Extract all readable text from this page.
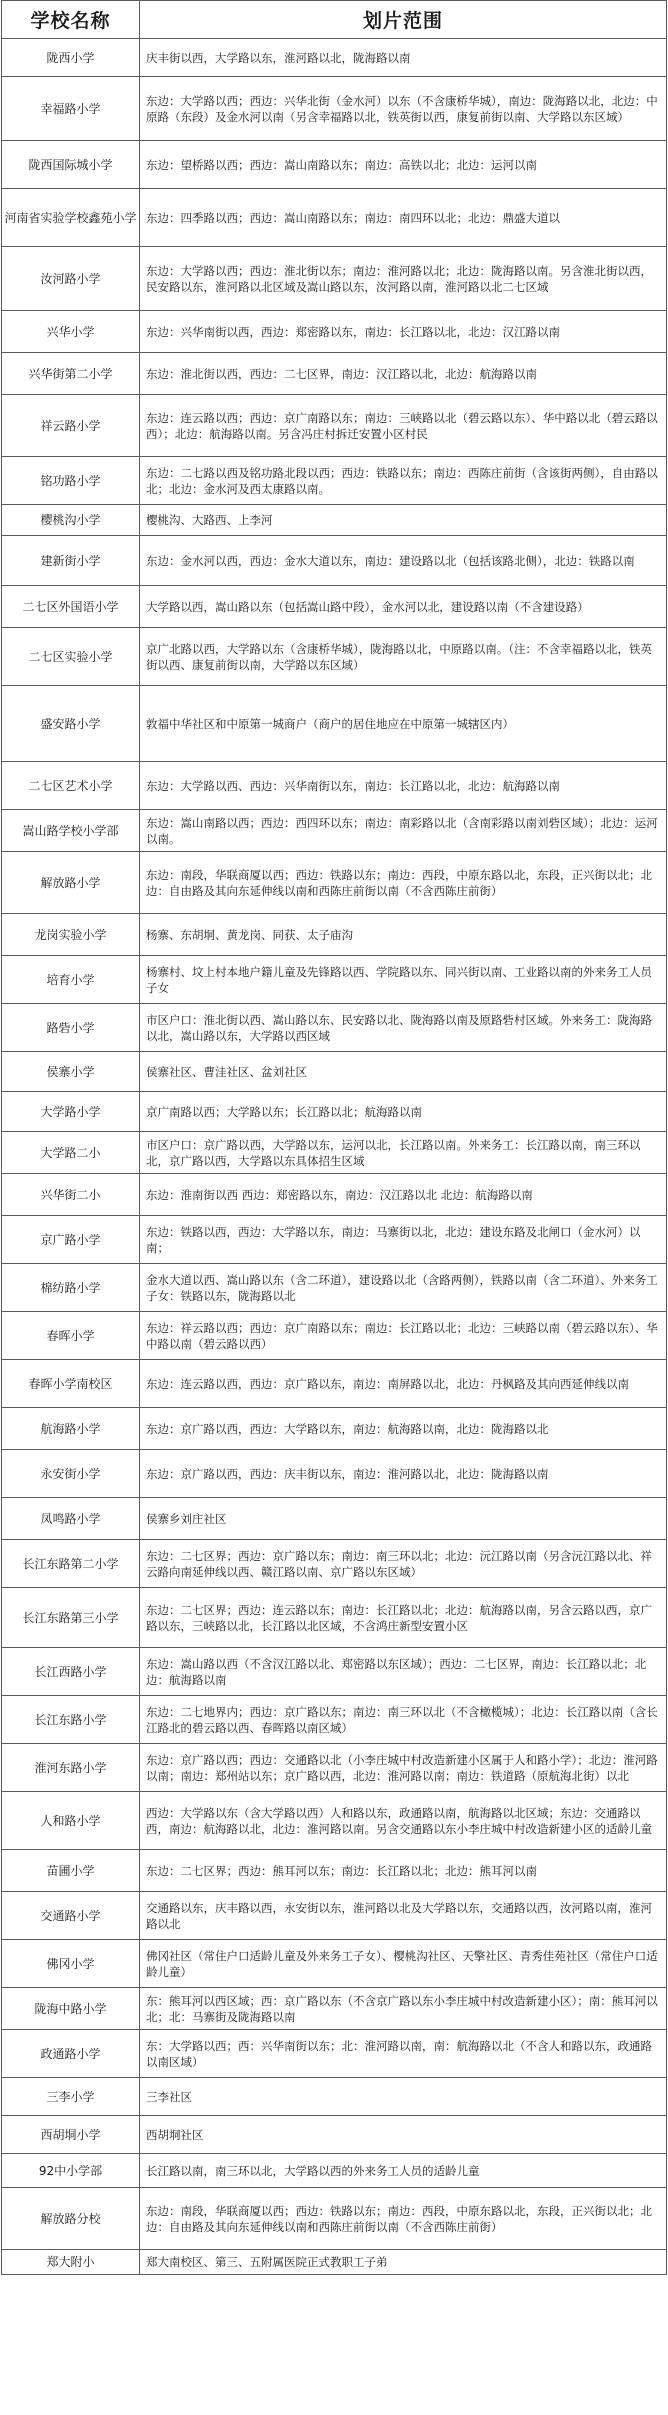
学校名称	划片范围
陇西小学	庆丰街以西，大学路以东，淮河路以北，陇海路以南
幸福路小学	东边：大学路以西；西边：兴华北街（金水河）以东（不含康桥华城），南边：陇海路以北，北边：中原路（东段）及金水河以南（另含幸福路以北，铁英街以西，康复前街以南、大学路以东区域）
陇西国际城小学	东边：望桥路以西；西边：嵩山南路以东；南边：高铁以北；北边：运河以南
河南省实验学校鑫苑小学	东边：四季路以西；西边：嵩山南路以东；南边：南四环以北；北边：鼎盛大道以
汝河路小学	东边：大学路以西；西边：淮北街以东；南边：淮河路以北；北边：陇海路以南。另含淮北街以西，民安路以东，淮河路以北区域及嵩山路以东，汝河路以南，淮河路以北二七区域
兴华小学	东边：兴华南街以西，西边：郑密路以东，南边：长江路以北，北边：汉江路以南
兴华街第二小学	东边：淮北街以西，西边：二七区界，南边：汉江路以北，北边：航海路以南
祥云路小学	东边：连云路以西；西边：京广南路以东；南边：三峡路以北（碧云路以东）、华中路以北（碧云路以西）；北边：航海路以南。另含冯庄村拆迁安置小区村民
铭功路小学	东边：二七路以西及铭功路北段以西；西边：铁路以东；南边：西陈庄前街（含该街两侧），自由路以北；北边：金水河及西太康路以南。
樱桃沟小学	樱桃沟、大路西、上李河
建新街小学	东边：金水河以西，西边：金水大道以东，南边：建设路以北（包括该路北侧），北边：铁路以南
二七区外国语小学	大学路以西，嵩山路以东（包括嵩山路中段），金水河以北，建设路以南（不含建设路）
二七区实验小学	京广北路以西，大学路以东（含康桥华城），陇海路以北，中原路以南。（注：不含幸福路以北，铁英街以西、康复前街以南，大学路以东区域）
盛安路小学	敦福中华社区和中原第一城商户（商户的居住地应在中原第一城辖区内）
二七区艺术小学	东边：大学路以西、西边：兴华南街以东，南边：长江路以北，北边：航海路以南
嵩山路学校小学部	东边：嵩山南路以西；西边：西四环以东；南边：南彩路以北（含南彩路以南刘砦区域）；北边：运河以南。
解放路小学	东边：南段，华联商厦以西；西边：铁路以东；南边：西段，中原东路以北，东段，正兴街以北；北边：自由路及其向东延伸线以南和西陈庄前街以南（不含西陈庄前街）
龙岗实验小学	杨寨、东胡垌、黄龙岗、同获、太子庙沟
培育小学	杨寨村、坟上村本地户籍儿童及先锋路以西、学院路以东、同兴街以南、工业路以南的外来务工人员子女
路砦小学	市区户口：淮北街以西、嵩山路以东、民安路以北、陇海路以南及原路砦村区域。外来务工：陇海路以北，嵩山路以东，大学路以西区域
侯寨小学	侯寨社区、曹洼社区、盆刘社区
大学路小学	京广南路以西；大学路以东；长江路以北；航海路以南
大学路二小	市区户口：京广路以西，大学路以东，运河以北，长江路以南。外来务工：长江路以南，南三环以北，京广路以西，大学路以东具体招生区域
兴华街二小	东边：淮南街以西 西边：郑密路以东，南边：汉江路以北 北边：航海路以南
京广路小学	东边：铁路以西，西边：大学路以东，南边：马寨街以北，北边：建设东路及北闸口（金水河）以南；
棉纺路小学	金水大道以西、嵩山路以东（含二环道），建设路以北（含路两侧），铁路以南（含二环道）、外来务工子女：铁路以东，陇海路以北
春晖小学	东边：祥云路以西；西边：京广南路以东；南边：长江路以北；北边：三峡路以南（碧云路以东）、华中路以南（碧云路以西）
春晖小学南校区	东边：连云路以西，西边：京广路以东，南边：南屏路以北，北边：丹枫路及其向西延伸线以南
航海路小学	东边：京广路以西，西边：大学路以东，南边：航海路以南，北边：陇海路以北
永安街小学	东边：京广路以西，西边：庆丰街以东，南边：淮河路以北，北边：陇海路以南
凤鸣路小学	侯寨乡刘庄社区
长江东路第二小学	东边：二七区界；西边：京广路以东；南边：南三环以北；北边：沅江路以南（另含沅江路以北、祥云路向南延伸线以西、赣江路以南、京广路以东区域）
长江东路第三小学	东边：二七区界；西边：连云路以东；南边：长江路以北；北边：航海路以南，另含云路以西，京广路以东，三峡路以北，长江路以北区域，不含鸿庄新型安置小区
长江西路小学	东边：嵩山路以西（不含汉江路以北、郑密路以东区域）；西边：二七区界，南边：长江路以北；北边：航海路以南
长江东路小学	东边：二七地界内；西边：京广路以东；南边：南三环以北（不含橄榄城）；北边：长江路以南（含长江路北的碧云路以西、春晖路以南区域）
淮河东路小学	东边：京广路以西；西边：交通路以北（小李庄城中村改造新建小区属于人和路小学）；北边：淮河路以南；南边：郑州站以东；京广路以西，北边：淮河路以南；南边：铁道路（原航海北街）以北
人和路小学	西边：大学路以东（含大学路以西）人和路以东，政通路以南，航海路以北区域；东边：交通路以西，南边：航海路以北，北边：淮河路以南。另含交通路以东小李庄城中村改造新建小区的适龄儿童
苗圃小学	东边：二七区界；西边：熊耳河以东；南边：长江路以北；北边：熊耳河以南
交通路小学	交通路以东，庆丰路以西，永安街以东，淮河路以北及大学路以东，交通路以西，汝河路以南，淮河路以北
佛冈小学	佛冈社区（常住户口适龄儿童及外来务工子女）、樱桃沟社区、天擎社区、青秀佳苑社区（常住户口适龄儿童）
陇海中路小学	东：熊耳河以西区域；西：京广路以东（不含京广路以东小李庄城中村改造新建小区）；南：熊耳河以北；北：马寨街及陇海路以南
政通路小学	东：大学路以西；西：兴华南街以东；北：淮河路以南，南：航海路以北（不含人和路以东，政通路以南区域）
三李小学	三李社区
西胡垌小学	西胡垌社区
92中小学部	长江路以南，南三环以北，大学路以西的外来务工人员的适龄儿童
解放路分校	东边：南段，华联商厦以西；西边：铁路以东；南边：西段，中原东路以北，东段，正兴街以北；北边：自由路及其向东延伸线以南和西陈庄前街以南（不含西陈庄前街）
郑大附小	郑大南校区、第三、五附属医院正式教职工子弟
